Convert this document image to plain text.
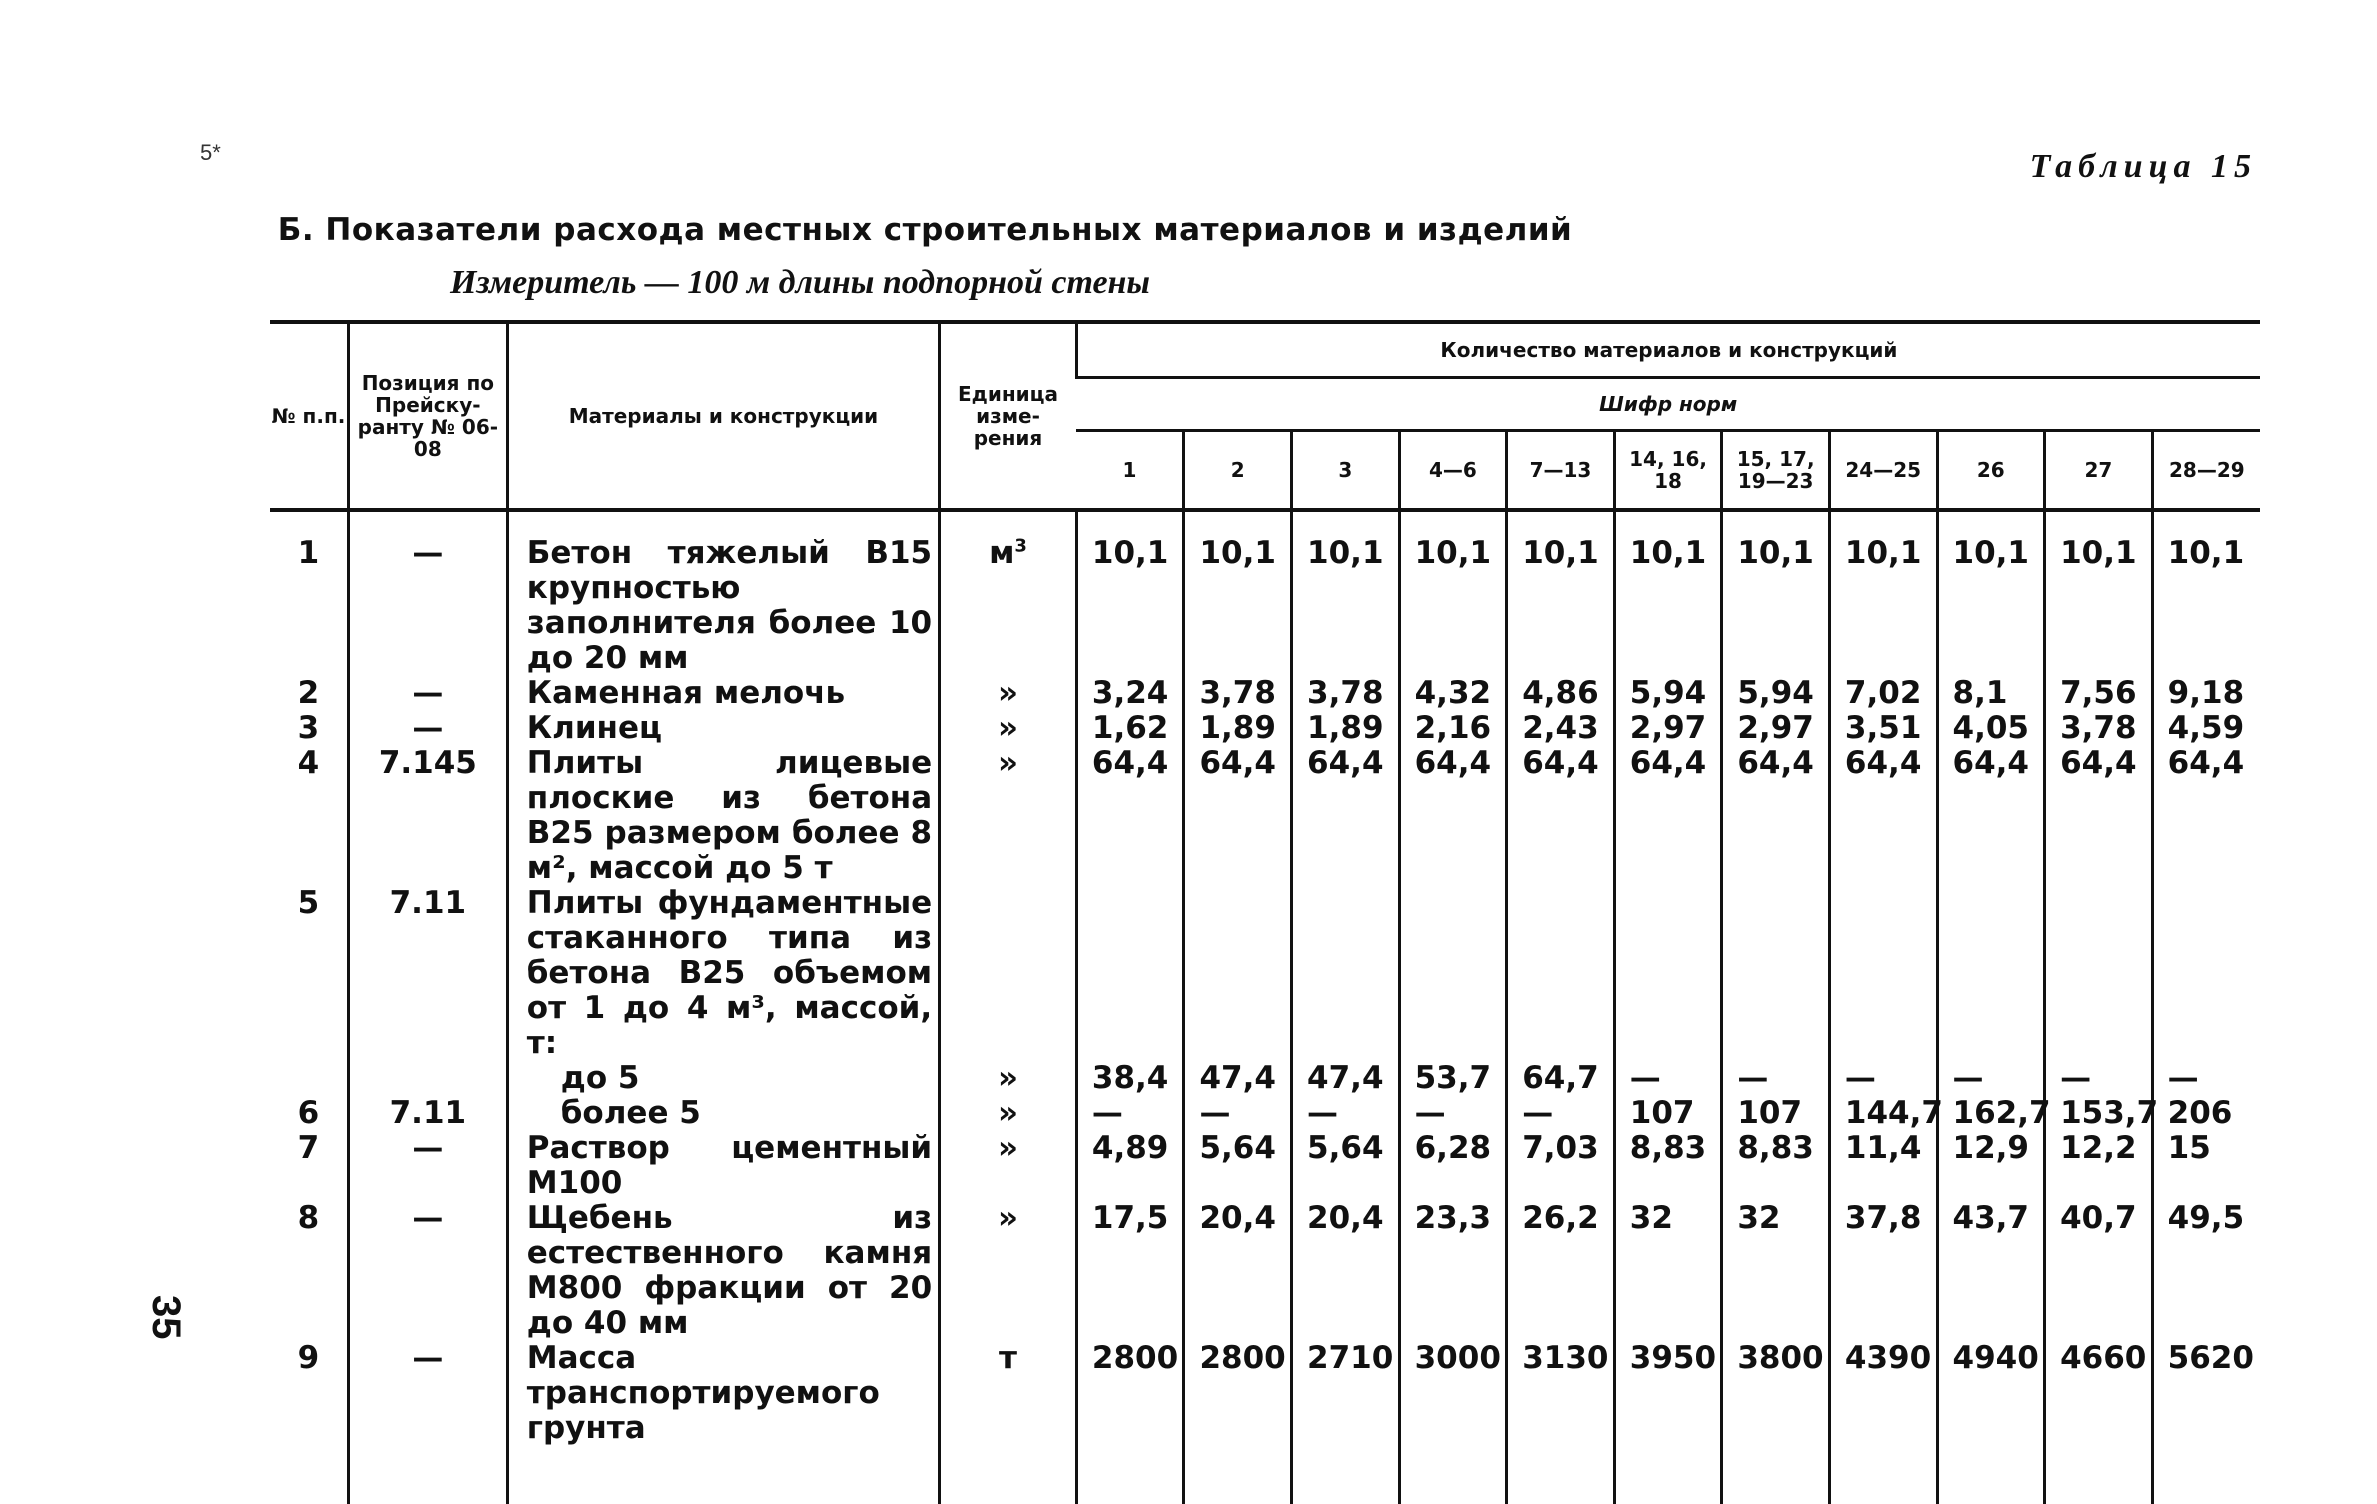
5*
35
Таблица 15
Б. Показатели расхода местных строительных материалов и изделий
Измеритель — 100 м длины подпорной стены
№ п.п.	Позиция по Прейску- ранту № 06-08	Материалы и конструкции	Единица изме- рения	Количество материалов и конструкций										
				Шифр норм										
				1	2	3	4—6	7—13	14, 16, 18	15, 17, 19—23	24—25	26	27	28—29
1	—	Бетон тяжелый В15 крупностью заполнителя более 10 до 20 мм	$м^3$	10,1	10,1	10,1	10,1	10,1	10,1	10,1	10,1	10,1	10,1	10,1
2	—	Каменная мелочь	»	3,24	3,78	3,78	4,32	4,86	5,94	5,94	7,02	8,1	7,56	9,18
3	—	Клинец	»	1,62	1,89	1,89	2,16	2,43	2,97	2,97	3,51	4,05	3,78	4,59
4	7.145	Плиты лицевые плоские из бетона В25 размером более 8 м², массой до 5 т	»	64,4	64,4	64,4	64,4	64,4	64,4	64,4	64,4	64,4	64,4	64,4
5	7.11	Плиты фундаментные стаканного типа из бетона В25 объемом от 1 до 4 м³, массой, т:												
		до 5	»	38,4	47,4	47,4	53,7	64,7	—	—	—	—	—	—
6	7.11	более 5	»	—	—	—	—	—	107	107	144,7	162,7	153,7	206
7	—	Раствор цементный М100	»	4,89	5,64	5,64	6,28	7,03	8,83	8,83	11,4	12,9	12,2	15
8	—	Щебень из естественного камня М800 фракции от 20 до 40 мм	»	17,5	20,4	20,4	23,3	26,2	32	32	37,8	43,7	40,7	49,5
9	—	Масса транспортируемого грунта	т	2800	2800	2710	3000	3130	3950	3800	4390	4940	4660	5620
